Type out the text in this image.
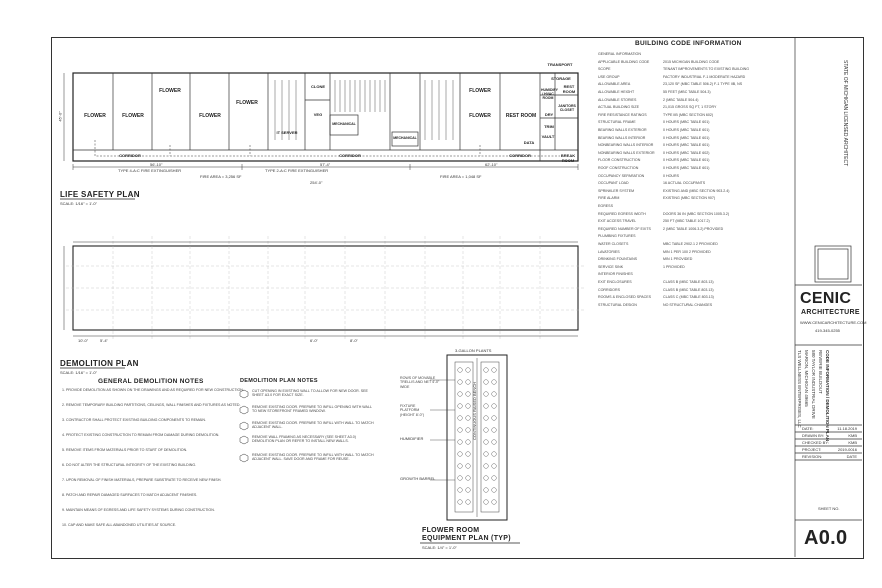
FLOWER	FLOWER
FLOWER
FLOWER
FLOWER
FLOWER
FLOWER	REST ROOM
REST ROOM
STORAGE
TRANSPORT
HUMIDIFY / HVAC ROOM
JANITORS CLOSET
DRY
TRIM
VAULT
DATA
BREAK ROOM
CORRIDOR	CORRIDOR	CORRIDOR
IT SERVER
MECHANICAL
MECHANICAL
CLONE
VEG
TYPE 4-A:C FIRE EXTINGUISHER	TYPE 2-A:C FIRE EXTINGUISHER
FIRE AREA = 3,256 SF	FIRE AREA = 1,048 SF
254'-0"
56'-10"	57'-4"	62'-10"
45'-0"
LIFE SAFETY PLAN
SCALE: 1/16" = 1'-0"
10'-0"	5'-4"	6'-0"	8'-0"
DEMOLITION PLAN
SCALE: 1/16" = 1'-0"
GENERAL DEMOLITION NOTES
1. PROVIDE DEMOLITION AS SHOWN ON THE DRAWINGS AND AS REQUIRED FOR NEW CONSTRUCTION.
2. REMOVE TEMPORARY BUILDING PARTITIONS, CEILINGS, WALL FINISHES AND FIXTURES AS NOTED.
3. CONTRACTOR SHALL PROTECT EXISTING BUILDING COMPONENTS TO REMAIN.
4. PROTECT EXISTING CONSTRUCTION TO REMAIN FROM DAMAGE DURING DEMOLITION.
5. REMOVE ITEMS FROM MATERIALS PRIOR TO START OF DEMOLITION.
6. DO NOT ALTER THE STRUCTURAL INTEGRITY OF THE EXISTING BUILDING.
7. UPON REMOVAL OF FINISH MATERIALS, PREPARE SUBSTRATE TO RECEIVE NEW FINISH.
8. PATCH AND REPAIR DAMAGED SURFACES TO MATCH ADJACENT FINISHES.
9. MAINTAIN MEANS OF EGRESS AND LIFE SAFETY SYSTEMS DURING CONSTRUCTION.
10. CAP AND MAKE SAFE ALL ABANDONED UTILITIES AT SOURCE.
DEMOLITION PLAN NOTES
CUT OPENING IN EXISTING WALL TO ALLOW FOR NEW DOOR. SEE SHEET A3.0 FOR EXACT SIZE.
REMOVE EXISTING DOOR. PREPARE TO INFILL OPENING WITH WALL TO NEW STOREFRONT FRAMED WINDOW.
REMOVE EXISTING DOOR. PREPARE TO INFILL WITH WALL TO MATCH ADJACENT WALL.
REMOVE WALL FRAMING AS NECESSARY (SEE SHEET A3.0) DEMOLITION PLAN OR REFER TO INSTALL NEW WALLS.
REMOVE EXISTING DOOR. PREPARE TO INFILL WITH WALL TO MATCH ADJACENT WALL. SAVE DOOR AND FRAME FOR REUSE.
3-GALLON PLANTS
ROWS OF MOVABLE TRELLIS AND NET 4'-0" WIDE
FIXTURE PLATFORM (HEIGHT 8'-0")
HUMIDIFIER
GROWTH BARREL
CONTINUOUS RAISED BENCH
FLOWER ROOM
EQUIPMENT PLAN (TYP)
SCALE: 1/4" = 1'-0"
BUILDING CODE INFORMATION
GENERAL INFORMATION
APPLICABLE BUILDING CODE	2015 MICHIGAN BUILDING CODE
SCOPE	TENANT IMPROVEMENTS TO EXISTING BUILDING
USE GROUP	FACTORY INDUSTRIAL F-1 MODERATE HAZARD
ALLOWABLE AREA	23,120 SF (MBC TABLE 506.2) F-1 TYPE IIB, NS
ALLOWABLE HEIGHT	55 FEET (MBC TABLE 504.3)
ALLOWABLE STORIES	2 (MBC TABLE 504.4)
ACTUAL BUILDING SIZE	21,015 GROSS SQ FT, 1 STORY
FIRE RESISTANCE RATINGS	TYPE IIB (MBC SECTION 602)
STRUCTURAL FRAME	0 HOURS (MBC TABLE 601)
BEARING WALLS EXTERIOR	0 HOURS (MBC TABLE 601)
BEARING WALLS INTERIOR	0 HOURS (MBC TABLE 601)
NONBEARING WALLS INTERIOR	0 HOURS (MBC TABLE 601)
NONBEARING WALLS EXTERIOR	0 HOURS (MBC TABLE 602)
FLOOR CONSTRUCTION	0 HOURS (MBC TABLE 601)
ROOF CONSTRUCTION	0 HOURS (MBC TABLE 601)
OCCUPANCY SEPARATION	0 HOURS
OCCUPANT LOAD	16 ACTUAL OCCUPANTS
SPRINKLER SYSTEM	EXISTING AND (MBC SECTION 903.2.4)
FIRE ALARM	EXISTING (MBC SECTION 907)
EGRESS
REQUIRED EGRESS WIDTH	DOORS 36 IN (MBC SECTION 1005.3.2)
EXIT ACCESS TRAVEL	250 FT (MBC TABLE 1017.2)
REQUIRED NUMBER OF EXITS	2 (MBC TABLE 1006.3.2) PROVIDED
PLUMBING FIXTURES
WATER CLOSETS	MBC TABLE 2902.1 2 PROVIDED
LAVATORIES	MIN 1 PER 100 2 PROVIDED
DRINKING FOUNTAINS	MIN 1 PROVIDED
SERVICE SINK	1 PROVIDED
INTERIOR FINISHES
EXIT ENCLOSURES	CLASS B (MBC TABLE 803.13)
CORRIDORS	CLASS B (MBC TABLE 803.13)
ROOMS & ENCLOSED SPACES	CLASS C (MBC TABLE 803.13)
STRUCTURAL DESIGN	NO STRUCTURAL CHANGES
STATE OF MICHIGAN LICENSED ARCHITECT
CENIC
ARCHITECTURE
WWW.CENICARCHITECTURE.COM
419-345-0255
CODE INFORMATION / DEMOLITION PLAN
REVERIE BUILDOUT
580 TAYLOR INDUSTRIAL DRIVE
MARION, MICHIGAN 49665
TLS WELLNESS ENTERPRISES, LLC
DATE:	11.18.2019
DRAWN BY:	KMB
CHECKED BY:	KMB
PROJECT:	2019-0016
REVISION:	DATE
SHEET NO.
A0.0
